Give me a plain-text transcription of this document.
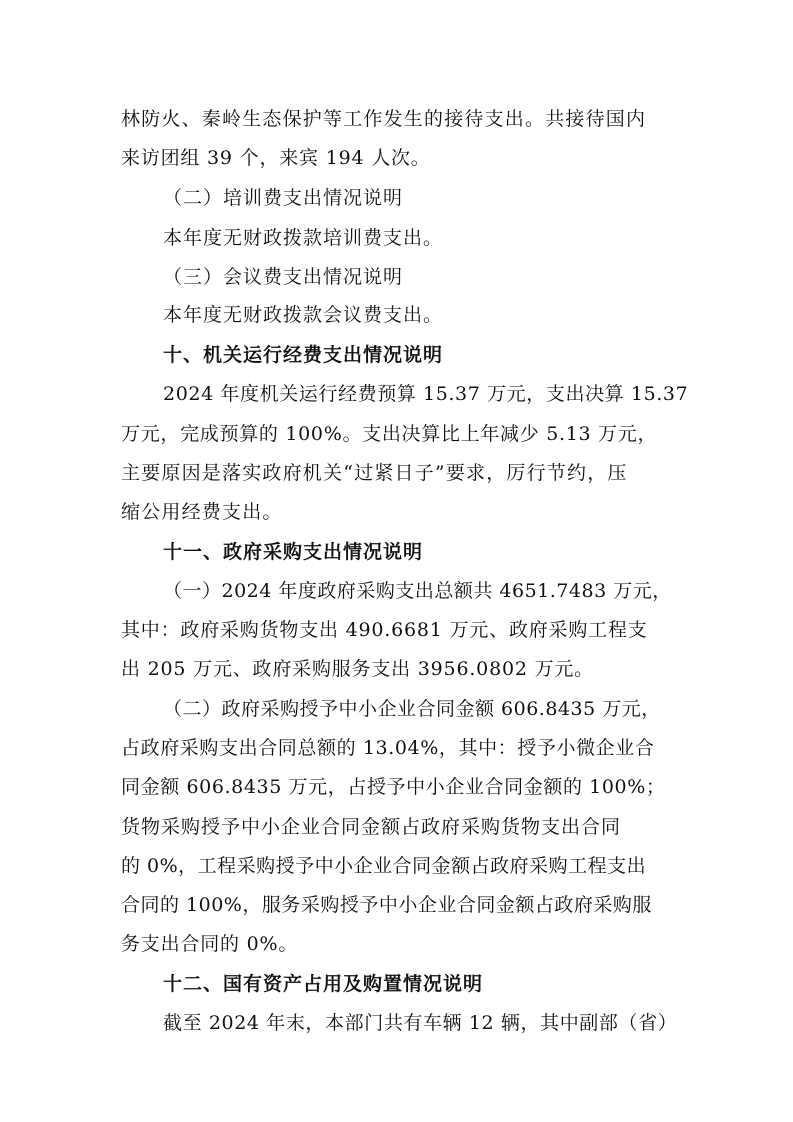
林防火、秦岭生态保护等工作发生的接待支出。共接待国内
来访团组 39 个，来宾 194 人次。
（二）培训费支出情况说明
本年度无财政拨款培训费支出。
（三）会议费支出情况说明
本年度无财政拨款会议费支出。
十、机关运行经费支出情况说明
2024 年度机关运行经费预算 15.37 万元，支出决算 15.37
万元，完成预算的 100%。支出决算比上年减少 5.13 万元，
主要原因是落实政府机关“过紧日子”要求，厉行节约，压
缩公用经费支出。
十一、政府采购支出情况说明
（一）2024 年度政府采购支出总额共 4651.7483 万元，
其中：政府采购货物支出 490.6681 万元、政府采购工程支
出 205 万元、政府采购服务支出 3956.0802 万元。
（二）政府采购授予中小企业合同金额 606.8435 万元，
占政府采购支出合同总额的 13.04%，其中：授予小微企业合
同金额 606.8435 万元，占授予中小企业合同金额的 100%；
货物采购授予中小企业合同金额占政府采购货物支出合同
的 0%，工程采购授予中小企业合同金额占政府采购工程支出
合同的 100%，服务采购授予中小企业合同金额占政府采购服
务支出合同的 0%。
十二、国有资产占用及购置情况说明
截至 2024 年末，本部门共有车辆 12 辆，其中副部（省）
